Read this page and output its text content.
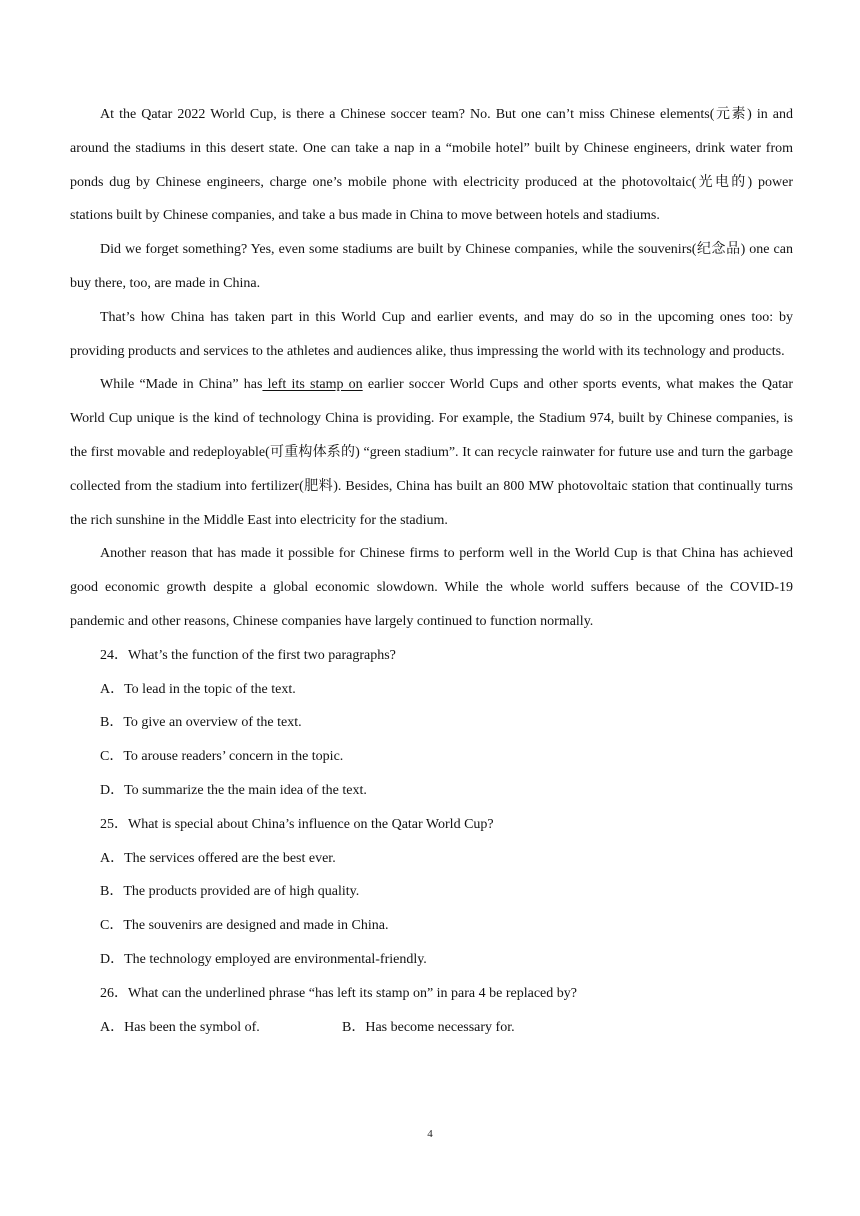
At the Qatar 2022 World Cup, is there a Chinese soccer team? No. But one can’t miss Chinese elements(元素) in and around the stadiums in this desert state. One can take a nap in a “mobile hotel” built by Chinese engineers, drink water from ponds dug by Chinese engineers, charge one’s mobile phone with electricity produced at the photovoltaic(光电的) power stations built by Chinese companies, and take a bus made in China to move between hotels and stadiums.

Did we forget something? Yes, even some stadiums are built by Chinese companies, while the souvenirs(纪念品) one can buy there, too, are made in China.

That’s how China has taken part in this World Cup and earlier events, and may do so in the upcoming ones too: by providing products and services to the athletes and audiences alike, thus impressing the world with its technology and products.

While “Made in China” has left its stamp on earlier soccer World Cups and other sports events, what makes the Qatar World Cup unique is the kind of technology China is providing. For example, the Stadium 974, built by Chinese companies, is the first movable and redeployable(可重构体系的) “green stadium”. It can recycle rainwater for future use and turn the garbage collected from the stadium into fertilizer(肥料). Besides, China has built an 800 MW photovoltaic station that continually turns the rich sunshine in the Middle East into electricity for the stadium.

Another reason that has made it possible for Chinese firms to perform well in the World Cup is that China has achieved good economic growth despite a global economic slowdown. While the whole world suffers because of the COVID-19 pandemic and other reasons, Chinese companies have largely continued to function normally.

24．What’s the function of the first two paragraphs?

A．To lead in the topic of the text.

B．To give an overview of the text.

C．To arouse readers’ concern in the topic.

D．To summarize the the main idea of the text.

25．What is special about China’s influence on the Qatar World Cup?

A．The services offered are the best ever.

B．The products provided are of high quality.

C．The souvenirs are designed and made in China.

D．The technology employed are environmental-friendly.

26．What can the underlined phrase “has left its stamp on” in para 4 be replaced by?

A．Has been the symbol of.	B．Has become necessary for.

4
